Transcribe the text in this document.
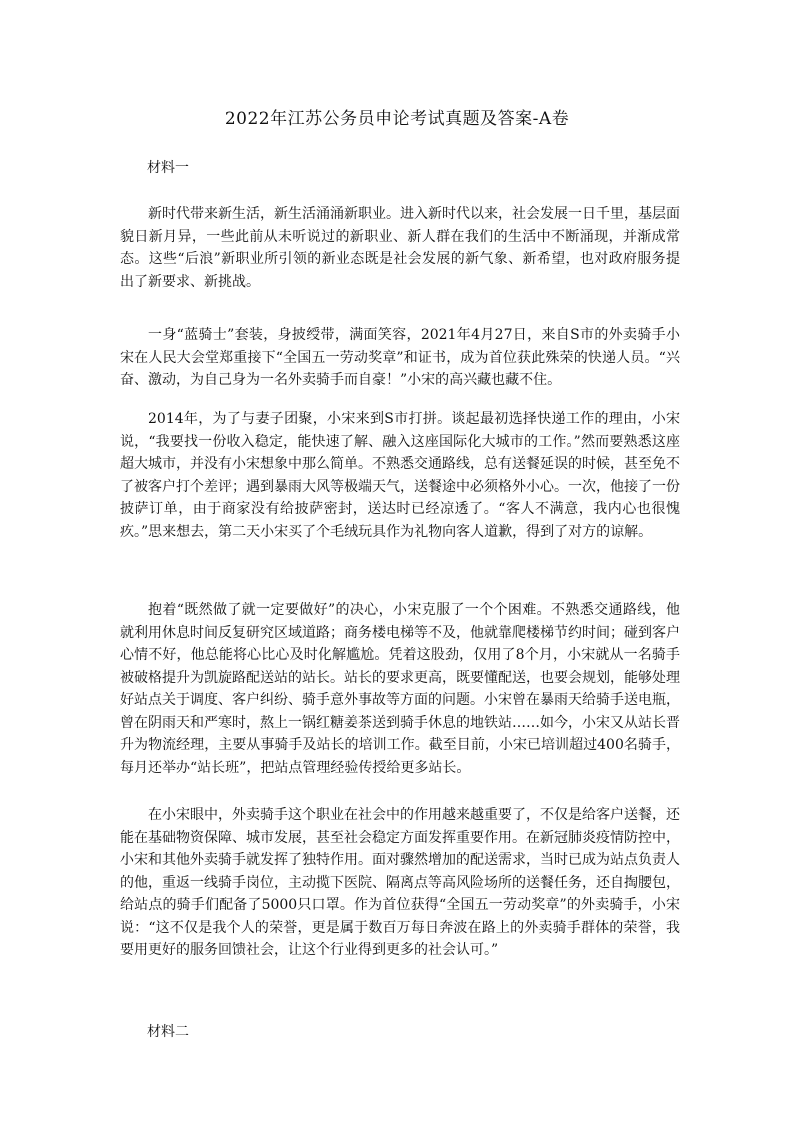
2022年江苏公务员申论考试真题及答案-A卷
材料一

新时代带来新生活，新生活涌涌新职业。进入新时代以来，社会发展一日千里，基层面貌日新月异，一些此前从未听说过的新职业、新人群在我们的生活中不断涌现，并渐成常态。这些“后浪”新职业所引领的新业态既是社会发展的新气象、新希望，也对政府服务提出了新要求、新挑战。

一身“蓝骑士”套装，身披绶带，满面笑容，2021年4月27日，来自S市的外卖骑手小宋在人民大会堂郑重接下“全国五一劳动奖章”和证书，成为首位获此殊荣的快递人员。“兴奋、激动，为自己身为一名外卖骑手而自豪！”小宋的高兴藏也藏不住。

2014年，为了与妻子团聚，小宋来到S市打拼。谈起最初选择快递工作的理由，小宋说，“我要找一份收入稳定，能快速了解、融入这座国际化大城市的工作。”然而要熟悉这座超大城市，并没有小宋想象中那么简单。不熟悉交通路线，总有送餐延误的时候，甚至免不了被客户打个差评；遇到暴雨大风等极端天气，送餐途中必须格外小心。一次，他接了一份披萨订单，由于商家没有给披萨密封，送达时已经凉透了。“客人不满意，我内心也很愧疚。”思来想去，第二天小宋买了个毛绒玩具作为礼物向客人道歉，得到了对方的谅解。

抱着“既然做了就一定要做好”的决心，小宋克服了一个个困难。不熟悉交通路线，他就利用休息时间反复研究区域道路；商务楼电梯等不及，他就靠爬楼梯节约时间；碰到客户心情不好，他总能将心比心及时化解尴尬。凭着这股劲，仅用了8个月，小宋就从一名骑手被破格提升为凯旋路配送站的站长。站长的要求更高，既要懂配送，也要会规划，能够处理好站点关于调度、客户纠纷、骑手意外事故等方面的问题。小宋曾在暴雨天给骑手送电瓶，曾在阴雨天和严寒时，熬上一锅红糖姜茶送到骑手休息的地铁站……如今，小宋又从站长晋升为物流经理，主要从事骑手及站长的培训工作。截至目前，小宋已培训超过400名骑手，每月还举办“站长班”，把站点管理经验传授给更多站长。

在小宋眼中，外卖骑手这个职业在社会中的作用越来越重要了，不仅是给客户送餐，还能在基础物资保障、城市发展，甚至社会稳定方面发挥重要作用。在新冠肺炎疫情防控中，小宋和其他外卖骑手就发挥了独特作用。面对骤然增加的配送需求，当时已成为站点负责人的他，重返一线骑手岗位，主动揽下医院、隔离点等高风险场所的送餐任务，还自掏腰包，给站点的骑手们配备了5000只口罩。作为首位获得“全国五一劳动奖章”的外卖骑手，小宋说：“这不仅是我个人的荣誉，更是属于数百万每日奔波在路上的外卖骑手群体的荣誉，我要用更好的服务回馈社会，让这个行业得到更多的社会认可。”

材料二
